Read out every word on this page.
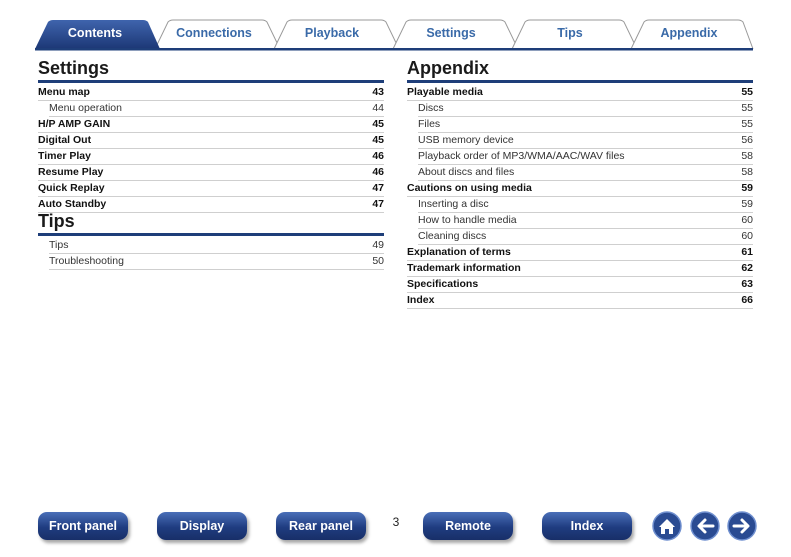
Contents	Connections	Playback	Settings	Tips	Appendix
Settings
Menu map	43
Menu operation	44
H/P AMP GAIN	45
Digital Out	45
Timer Play	46
Resume Play	46
Quick Replay	47
Auto Standby	47
Tips
Tips	49
Troubleshooting	50
Appendix
Playable media	55
Discs	55
Files	55
USB memory device	56
Playback order of MP3/WMA/AAC/WAV files	58
About discs and files	58
Cautions on using media	59
Inserting a disc	59
How to handle media	60
Cleaning discs	60
Explanation of terms	61
Trademark information	62
Specifications	63
Index	66
Front panel	Display	Rear panel	3	Remote	Index
